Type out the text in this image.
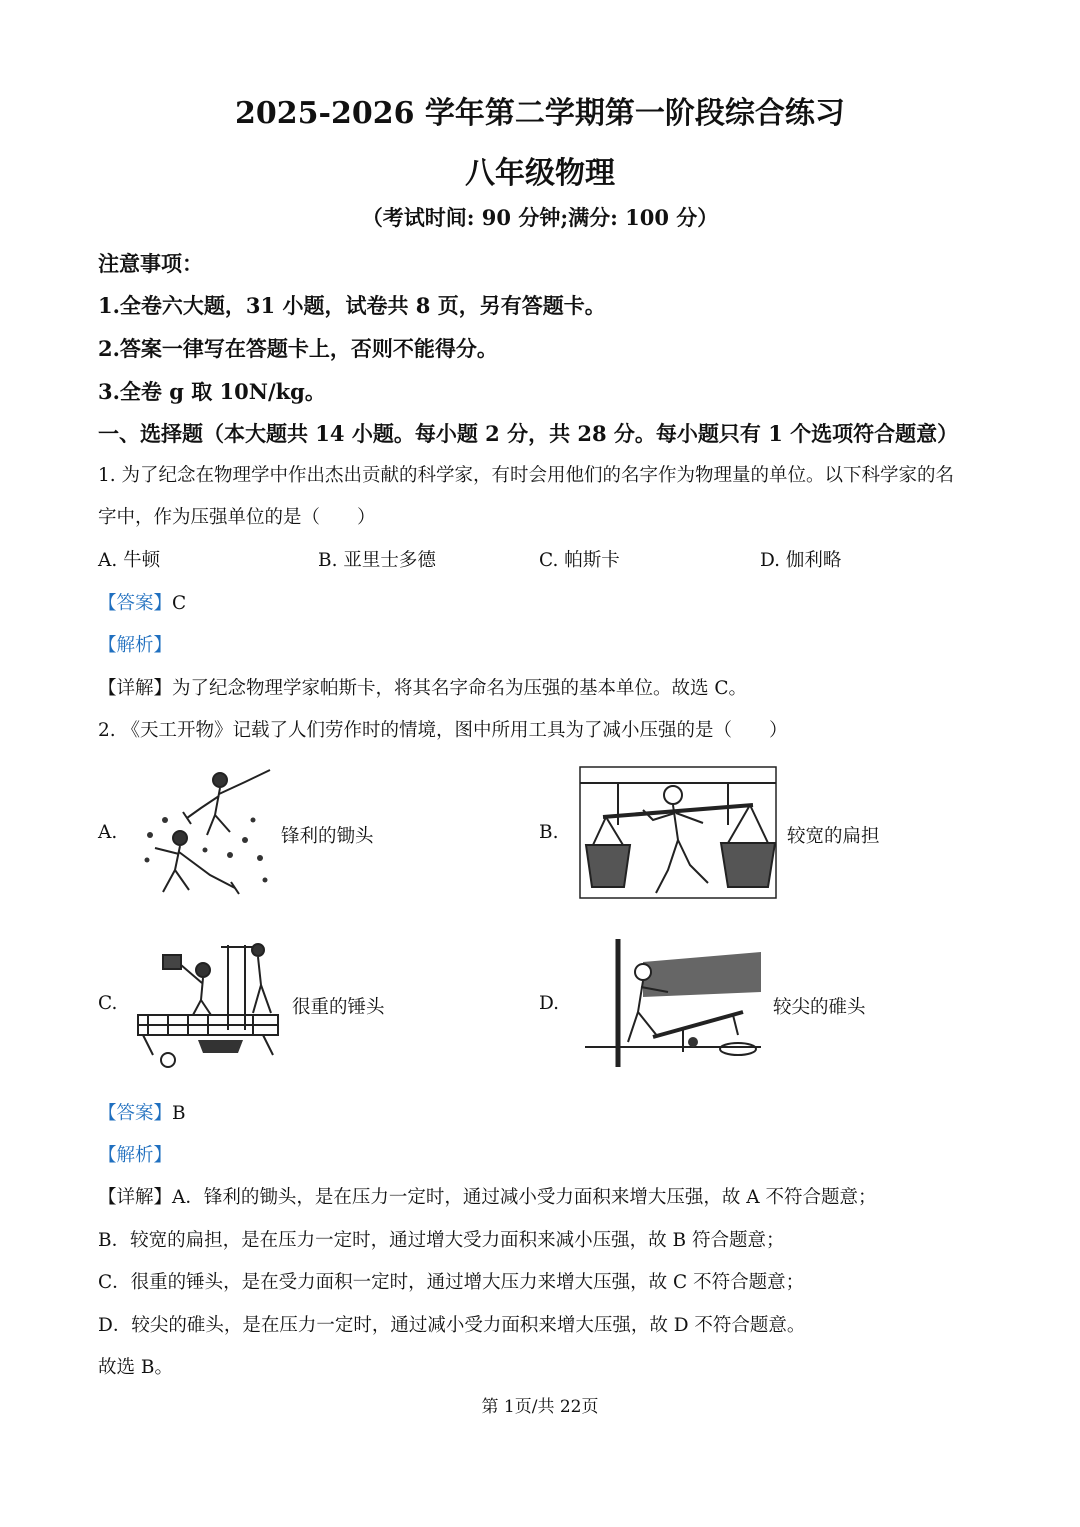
2025-2026 学年第二学期第一阶段综合练习
八年级物理
（考试时间: 90 分钟;满分: 100 分）
注意事项：
1.全卷六大题，31 小题，试卷共 8 页，另有答题卡。
2.答案一律写在答题卡上，否则不能得分。
3.全卷 g 取 10N/kg。
一、选择题（本大题共 14 小题。每小题 2 分，共 28 分。每小题只有 1 个选项符合题意）
1. 为了纪念在物理学中作出杰出贡献的科学家，有时会用他们的名字作为物理量的单位。以下科学家的名
字中，作为压强单位的是（　　）
A. 牛顿	B. 亚里士多德	C. 帕斯卡	D. 伽利略
【答案】C
【解析】
【详解】为了纪念物理学家帕斯卡，将其名字命名为压强的基本单位。故选 C。
2. 《天工开物》记载了人们劳作时的情境，图中所用工具为了减小压强的是（　　）
A.	锋利的锄头	B.	较宽的扁担
C.	很重的锤头	D.	较尖的碓头
【答案】B
【解析】
【详解】A．锋利的锄头，是在压力一定时，通过减小受力面积来增大压强，故 A 不符合题意；
B．较宽的扁担，是在压力一定时，通过增大受力面积来减小压强，故 B 符合题意；
C．很重的锤头，是在受力面积一定时，通过增大压力来增大压强，故 C 不符合题意；
D．较尖的碓头，是在压力一定时，通过减小受力面积来增大压强，故 D 不符合题意。
故选 B。
第 1页/共 22页
